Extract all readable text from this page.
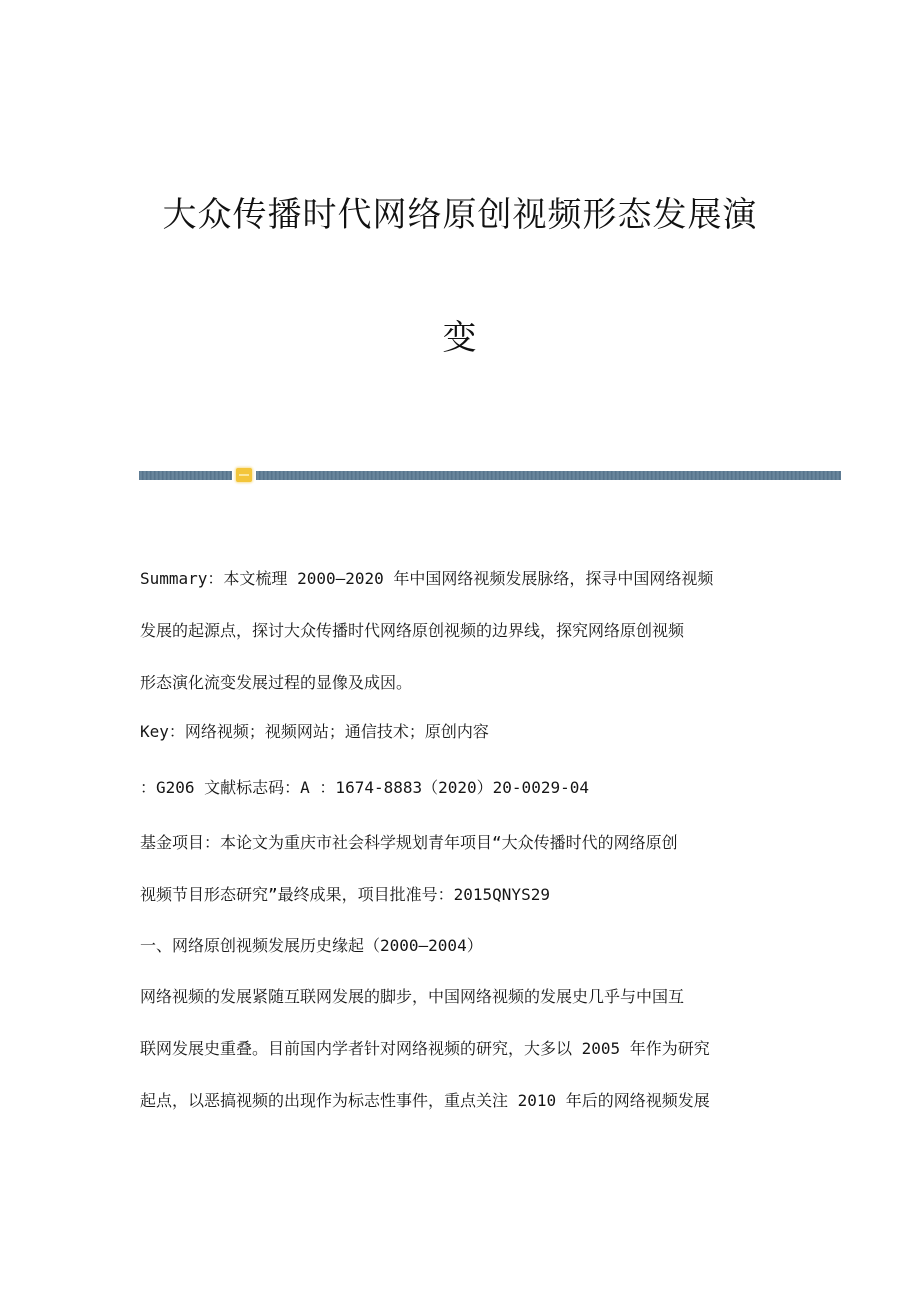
大众传播时代网络原创视频形态发展演
变

Summary：本文梳理 2000—2020 年中国网络视频发展脉络，探寻中国网络视频
发展的起源点，探讨大众传播时代网络原创视频的边界线，探究网络原创视频
形态演化流变发展过程的显像及成因。

Key：网络视频；视频网站；通信技术；原创内容

：G206 文献标志码：A ：1674-8883（2020）20-0029-04

基金项目：本论文为重庆市社会科学规划青年项目“大众传播时代的网络原创
视频节目形态研究”最终成果，项目批准号：2015QNYS29

一、网络原创视频发展历史缘起（2000—2004）

网络视频的发展紧随互联网发展的脚步，中国网络视频的发展史几乎与中国互
联网发展史重叠。目前国内学者针对网络视频的研究，大多以 2005 年作为研究
起点，以恶搞视频的出现作为标志性事件，重点关注 2010 年后的网络视频发展
